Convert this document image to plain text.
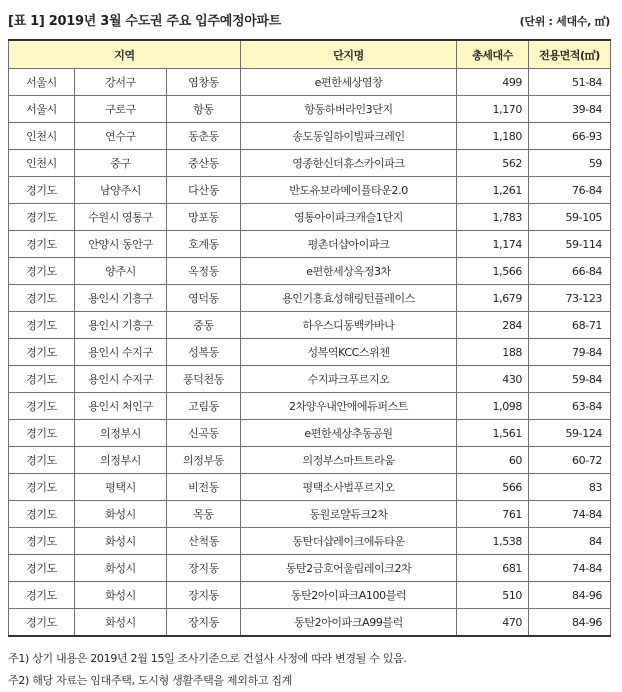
[표 1] 2019년 3월 수도권 주요 입주예정아파트	(단위 : 세대수, ㎡)
지역			단지명	총세대수	전용면적(㎡)
서울시	강서구	염창동	e편한세상염창	499	51-84
서울시	구로구	항동	항동하버라인3단지	1,170	39-84
인천시	연수구	동춘동	송도동일하이빌파크레인	1,180	66-93
인천시	중구	중산동	영종한신더휴스카이파크	562	59
경기도	남양주시	다산동	반도유보라메이플타운2.0	1,261	76-84
경기도	수원시 영통구	망포동	영통아이파크캐슬1단지	1,783	59-105
경기도	안양시 동안구	호계동	평촌더샵아이파크	1,174	59-114
경기도	양주시	옥정동	e편한세상옥정3차	1,566	66-84
경기도	용인시 기흥구	영덕동	용인기흥효성해링턴플레이스	1,679	73-123
경기도	용인시 기흥구	중동	하우스디동백카바나	284	68-71
경기도	용인시 수지구	성복동	성복역KCC스위첸	188	79-84
경기도	용인시 수지구	풍덕천동	수지파크푸르지오	430	59-84
경기도	용인시 처인구	고림동	2차양우내안애에듀퍼스트	1,098	63-84
경기도	의정부시	신곡동	e편한세상추동공원	1,561	59-124
경기도	의정부시	의정부동	의정부스마트트라움	60	60-72
경기도	평택시	비전동	평택소사벌푸르지오	566	83
경기도	화성시	목동	동원로얄듀크2차	761	74-84
경기도	화성시	산척동	동탄더샵레이크에듀타운	1,538	84
경기도	화성시	장지동	동탄2금호어울림레이크2차	681	74-84
경기도	화성시	장지동	동탄2아이파크A100블럭	510	84-96
경기도	화성시	장지동	동탄2아이파크A99블럭	470	84-96
주1) 상기 내용은 2019년 2월 15일 조사기준으로 건설사 사정에 따라 변경될 수 있음.
주2) 해당 자료는 임대주택, 도시형 생활주택을 제외하고 집계
